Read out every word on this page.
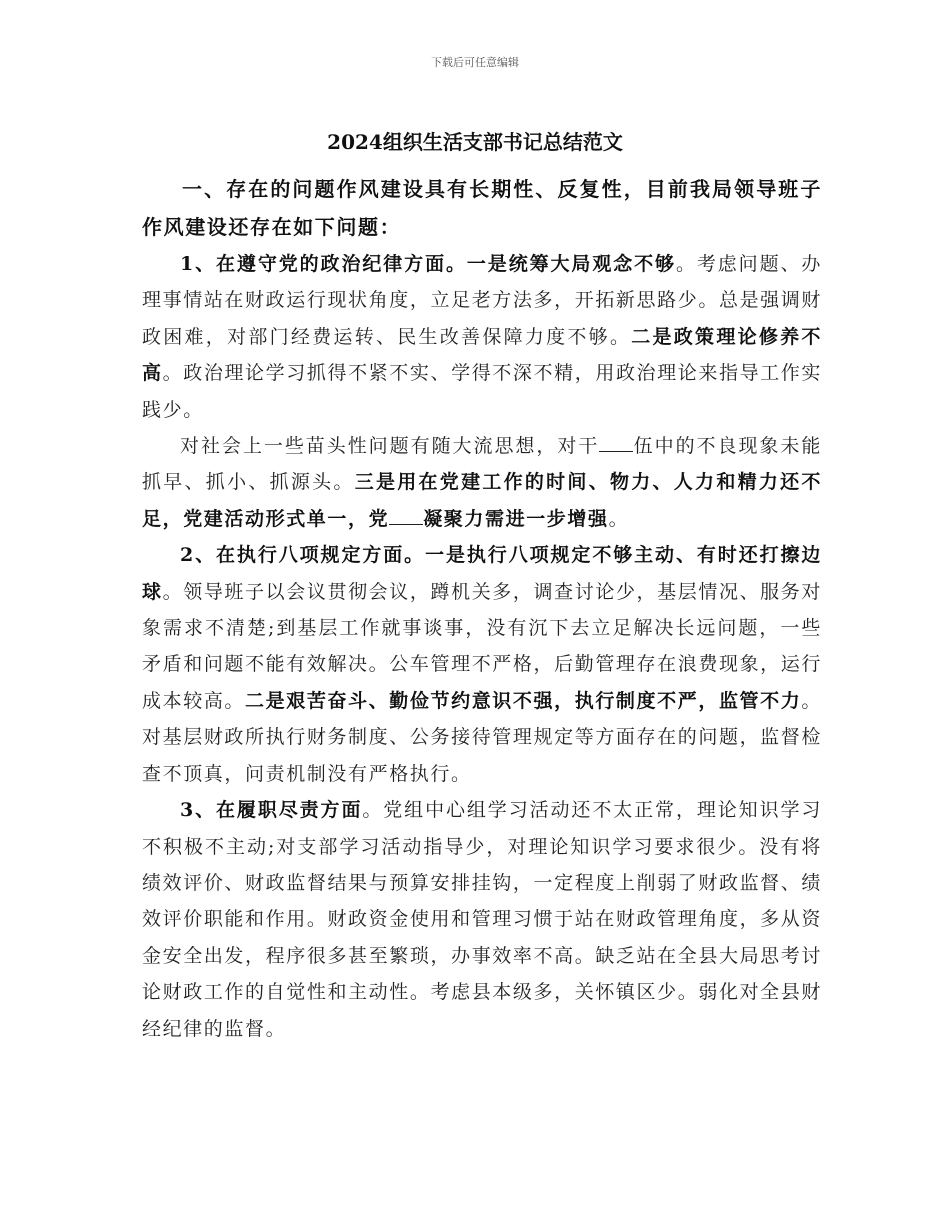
下载后可任意编辑
2024组织生活支部书记总结范文

一、存在的问题作风建设具有长期性、反复性，目前我局领导班子作风建设还存在如下问题：

1、在遵守党的政治纪律方面。一是统筹大局观念不够。考虑问题、办理事情站在财政运行现状角度，立足老方法多，开拓新思路少。总是强调财政困难，对部门经费运转、民生改善保障力度不够。二是政策理论修养不高。政治理论学习抓得不紧不实、学得不深不精，用政治理论来指导工作实践少。

对社会上一些苗头性问题有随大流思想，对干 伍中的不良现象未能抓早、抓小、抓源头。三是用在党建工作的时间、物力、人力和精力还不足，党建活动形式单一，党 凝聚力需进一步增强。

2、在执行八项规定方面。一是执行八项规定不够主动、有时还打擦边球。领导班子以会议贯彻会议，蹲机关多，调查讨论少，基层情况、服务对象需求不清楚;到基层工作就事谈事，没有沉下去立足解决长远问题，一些矛盾和问题不能有效解决。公车管理不严格，后勤管理存在浪费现象，运行成本较高。二是艰苦奋斗、勤俭节约意识不强，执行制度不严，监管不力。对基层财政所执行财务制度、公务接待管理规定等方面存在的问题，监督检查不顶真，问责机制没有严格执行。

3、在履职尽责方面。党组中心组学习活动还不太正常，理论知识学习不积极不主动;对支部学习活动指导少，对理论知识学习要求很少。没有将绩效评价、财政监督结果与预算安排挂钩，一定程度上削弱了财政监督、绩效评价职能和作用。财政资金使用和管理习惯于站在财政管理角度，多从资金安全出发，程序很多甚至繁琐，办事效率不高。缺乏站在全县大局思考讨论财政工作的自觉性和主动性。考虑县本级多，关怀镇区少。弱化对全县财经纪律的监督。
